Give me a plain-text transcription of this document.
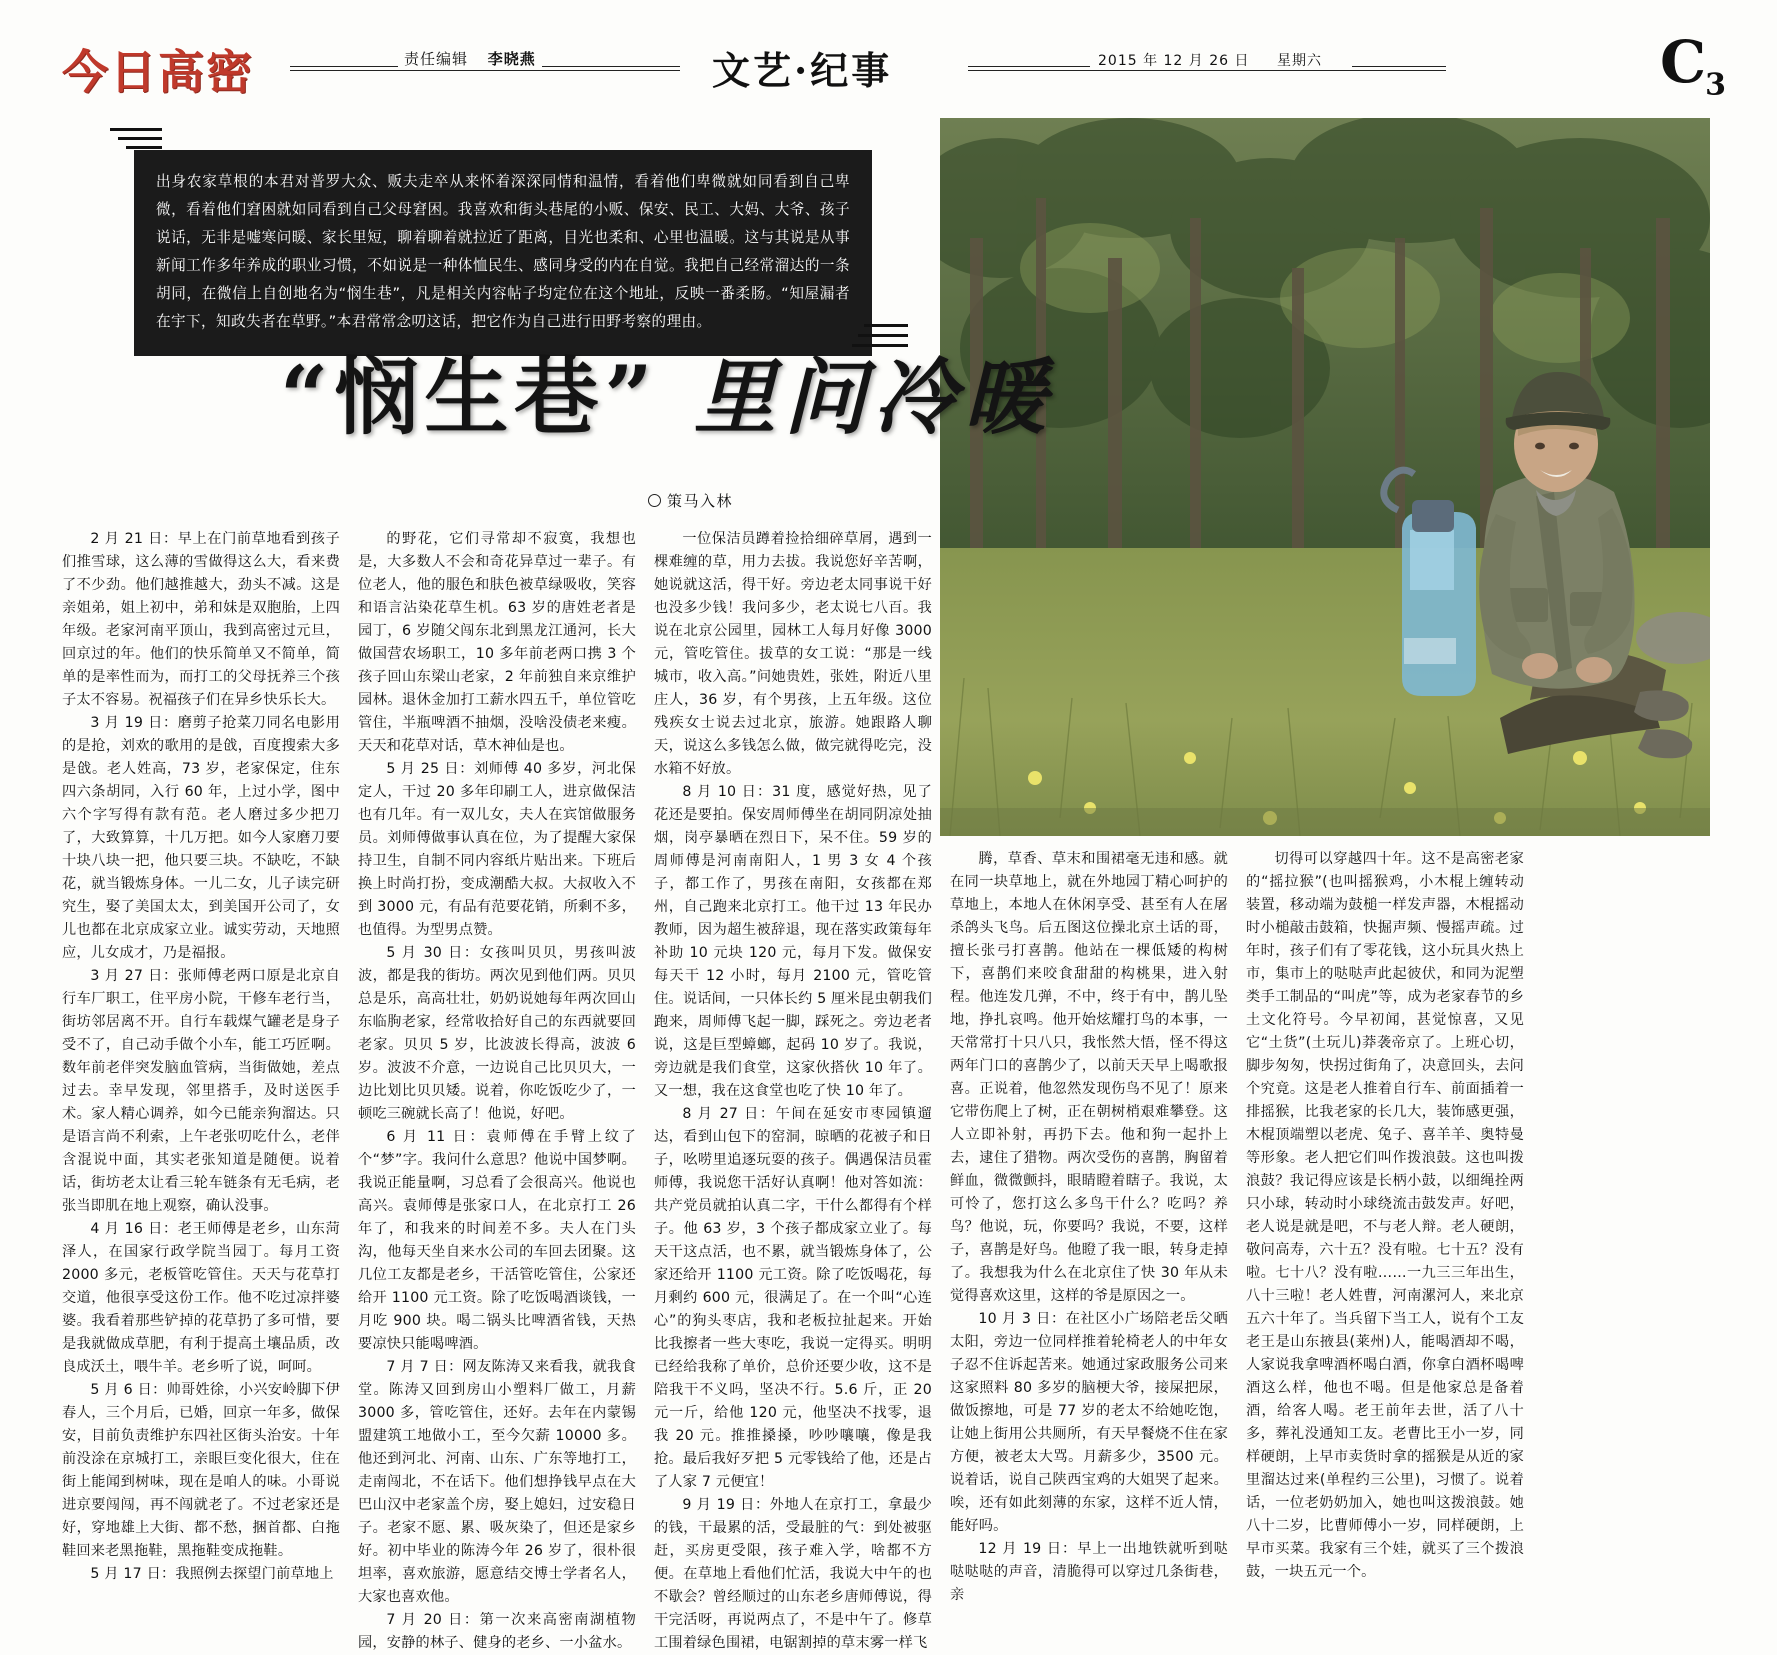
今日高密	责任编辑 李晓燕	文艺·纪事	2015 年 12 月 26 日 星期六	$C_3$
出身农家草根的本君对普罗大众、贩夫走卒从来怀着深深同情和温情，看着他们卑微就如同看到自己卑微，看着他们窘困就如同看到自己父母窘困。我喜欢和街头巷尾的小贩、保安、民工、大妈、大爷、孩子说话，无非是嘘寒问暖、家长里短，聊着聊着就拉近了距离，目光也柔和、心里也温暖。这与其说是从事新闻工作多年养成的职业习惯，不如说是一种体恤民生、感同身受的内在自觉。我把自己经常溜达的一条胡同，在微信上自创地名为“悯生巷”，凡是相关内容帖子均定位在这个地址，反映一番柔肠。“知屋漏者在宇下，知政失者在草野。”本君常常念叨这话，把它作为自己进行田野考察的理由。
“悯生巷” 里问冷暖
策马入林

2 月 21 日：早上在门前草地看到孩子们推雪球，这么薄的雪做得这么大，看来费了不少劲。他们越推越大，劲头不减。这是亲姐弟，姐上初中，弟和妹是双胞胎，上四年级。老家河南平顶山，我到高密过元旦，回京过的年。他们的快乐简单又不简单，简单的是率性而为，而打工的父母抚养三个孩子太不容易。祝福孩子们在异乡快乐长大。

3 月 19 日：磨剪子抢菜刀同名电影用的是抢，刘欢的歌用的是戗，百度搜索大多是戗。老人姓高，73 岁，老家保定，住东四六条胡同，入行 60 年，上过小学，图中六个字写得有款有范。老人磨过多少把刀了，大致算算，十几万把。如今人家磨刀要十块八块一把，他只要三块。不缺吃，不缺花，就当锻炼身体。一儿二女，儿子读完研究生，娶了美国太太，到美国开公司了，女儿也都在北京成家立业。诚实劳动，天地照应，儿女成才，乃是福报。

3 月 27 日：张师傅老两口原是北京自行车厂职工，住平房小院，干修车老行当，街坊邻居离不开。自行车载煤气罐老是身子受不了，自己动手做个小车，能工巧匠啊。数年前老伴突发脑血管病，当街做她，差点过去。幸早发现，邻里搭手，及时送医手术。家人精心调养，如今已能亲狗溜达。只是语言尚不利索，上午老张叨吃什么，老伴含混说中面，其实老张知道是随便。说着话，街坊老太让看三轮车链条有无毛病，老张当即肌在地上观察，确认没事。

4 月 16 日：老王师傅是老乡，山东菏泽人，在国家行政学院当园丁。每月工资 2000 多元，老板管吃管住。天天与花草打交道，他很享受这份工作。他不吃过凉拌婆婆。我看着那些铲掉的花草扔了多可惜，要是我就做成草肥，有利于提高土壤品质，改良成沃土，喂牛羊。老乡听了说，呵呵。

5 月 6 日：帅哥姓徐，小兴安岭脚下伊春人，三个月后，已婚，回京一年多，做保安，目前负责维护东四社区街头治安。十年前没涂在京城打工，亲眼巨变化很大，住在街上能闻到树味，现在是咱人的味。小哥说进京要闯闯，再不闯就老了。不过老家还是好，穿地雄上大街、都不愁，捆首都、白拖鞋回来老黑拖鞋，黑拖鞋变成拖鞋。

5 月 17 日：我照例去探望门前草地上

的野花，它们寻常却不寂寞，我想也是，大多数人不会和奇花异草过一辈子。有位老人，他的服色和肤色被草绿吸收，笑容和语言沾染花草生机。63 岁的唐姓老者是园丁，6 岁随父闯东北到黑龙江通河，长大做国营农场职工，10 多年前老两口携 3 个孩子回山东梁山老家，2 年前独自来京维护园林。退休金加打工薪水四五千，单位管吃管住，半瓶啤酒不抽烟，没啥没债老来瘦。天天和花草对话，草木神仙是也。

5 月 25 日：刘师傅 40 多岁，河北保定人，干过 20 多年印刷工人，进京做保洁也有几年。有一双儿女，夫人在宾馆做服务员。刘师傅做事认真在位，为了提醒大家保持卫生，自制不同内容纸片贴出来。下班后换上时尚打扮，变成潮酷大叔。大叔收入不到 3000 元，有品有范要花销，所剩不多，也值得。为型男点赞。

5 月 30 日：女孩叫贝贝，男孩叫波波，都是我的街坊。两次见到他们两。贝贝总是乐，高高壮壮，奶奶说她每年两次回山东临朐老家，经常收拾好自己的东西就要回老家。贝贝 5 岁，比波波长得高，波波 6 岁。波波不介意，一边说自己比贝贝大，一边比划比贝贝矮。说着，你吃饭吃少了，一顿吃三碗就长高了！他说，好吧。

6 月 11 日：袁师傅在手臂上纹了个“梦”字。我问什么意思？他说中国梦啊。我说正能量啊，习总看了会很高兴。他说也高兴。袁师傅是张家口人，在北京打工 26 年了，和我来的时间差不多。夫人在门头沟，他每天坐自来水公司的车回去团聚。这几位工友都是老乡，干活管吃管住，公家还给开 1100 元工资。除了吃饭喝酒谈钱，一月吃 900 块。喝二锅头比啤酒省钱，天热要凉快只能喝啤酒。

7 月 7 日：网友陈涛又来看我，就我食堂。陈涛又回到房山小塑料厂做工，月薪 3000 多，管吃管住，还好。去年在内蒙锡盟建筑工地做小工，至今欠薪 10000 多。他还到河北、河南、山东、广东等地打工，走南闯北，不在话下。他们想挣钱早点在大巴山汉中老家盖个房，娶上媳妇，过安稳日子。老家不愿、累、吸灰染了，但还是家乡好。初中毕业的陈涛今年 26 岁了，很朴很坦率，喜欢旅游，愿意结交博士学者名人，大家也喜欢他。

7 月 20 日：第一次来高密南湖植物园，安静的林子、健身的老乡、一小盆水。

一位保洁员蹲着捡拾细碎草屑，遇到一棵难缠的草，用力去拔。我说您好辛苦啊，她说就这活，得干好。旁边老太同事说干好也没多少钱！我问多少，老太说七八百。我说在北京公园里，园林工人每月好像 3000 元，管吃管住。拔草的女工说：“那是一线城市，收入高。”问她贵姓，张姓，附近八里庄人，36 岁，有个男孩，上五年级。这位残疾女士说去过北京，旅游。她跟路人聊天，说这么多钱怎么做，做完就得吃完，没水箱不好放。

8 月 10 日：31 度，感觉好热，见了花还是要拍。保安周师傅坐在胡同阴凉处抽烟，岗亭暴晒在烈日下，呆不住。59 岁的周师傅是河南南阳人，1 男 3 女 4 个孩子，都工作了，男孩在南阳，女孩都在郑州，自己跑来北京打工。他干过 13 年民办教师，因为超生被辞退，现在落实政策每年补助 10 元块 120 元，每月下发。做保安每天干 12 小时，每月 2100 元，管吃管住。说话间，一只体长约 5 厘米昆虫朝我们跑来，周师傅飞起一脚，踩死之。旁边老者说，这是巨型蟑螂，起码 10 岁了。我说，旁边就是我们食堂，这家伙搭伙 10 年了。又一想，我在这食堂也吃了快 10 年了。

8 月 27 日：午间在延安市枣园镇遛达，看到山包下的窑洞，晾晒的花被子和日子，吆唠里追逐玩耍的孩子。偶遇保洁员霍师傅，我说您干活好认真啊！他对答如流：共产党员就拍认真二字，干什么都得有个样子。他 63 岁，3 个孩子都成家立业了。每天干这点活，也不累，就当锻炼身体了，公家还给开 1100 元工资。除了吃饭喝花，每月剩约 600 元，很满足了。在一个叫“心连心”的狗头枣店，我和老板拉扯起来。开始比我擦者一些大枣吃，我说一定得买。明明已经给我称了单价，总价还要少收，这不是陪我干不义吗，坚决不行。5.6 斤，正 20 元一斤，给他 120 元，他坚决不找零，退我 20 元。推推搡搡，吵吵嚷嚷，像是我抢。最后我好歹把 5 元零钱给了他，还是占了人家 7 元便宜！

9 月 19 日：外地人在京打工，拿最少的钱，干最累的活，受最脏的气：到处被驱赶，买房更受限，孩子难入学，啥都不方便。在草地上看他们忙活，我说大中午的也不歇会？曾经顺过的山东老乡唐师傅说，得干完活呀，再说两点了，不是中午了。修草工围着绿色围裙，电锯割掉的草末雾一样飞

腾，草香、草末和围裙毫无违和感。就在同一块草地上，就在外地园丁精心呵护的草地上，本地人在休闲享受、甚至有人在屠杀鸽头飞鸟。后五图这位操北京土话的哥，擅长张弓打喜鹊。他站在一棵低矮的构树下，喜鹊们来咬食甜甜的构桃果，进入射程。他连发几弹，不中，终于有中，鹊儿坠地，挣扎哀鸣。他开始炫耀打鸟的本事，一天常常打十只八只，我怅然大悟，怪不得这两年门口的喜鹊少了，以前天天早上喝歌报喜。正说着，他忽然发现伤鸟不见了！原来它带伤爬上了树，正在朝树梢艰难攀登。这人立即补射，再扔下去。他和狗一起扑上去，逮住了猎物。两次受伤的喜鹊，胸留着鲜血，微微颤抖，眼睛瞪着瞎子。我说，太可怜了，您打这么多鸟干什么？吃吗？养鸟？他说，玩，你要吗？我说，不要，这样子，喜鹊是好鸟。他瞪了我一眼，转身走掉了。我想我为什么在北京住了快 30 年从未觉得喜欢这里，这样的爷是原因之一。

10 月 3 日：在社区小广场陪老岳父晒太阳，旁边一位同样推着轮椅老人的中年女子忍不住诉起苦来。她通过家政服务公司来这家照料 80 多岁的脑梗大爷，接屎把尿，做饭擦地，可是 77 岁的老太不给她吃饱，让她上街用公共厕所，有天早餐烧不住在家方便，被老太大骂。月薪多少，3500 元。说着话，说自己陕西宝鸡的大姐哭了起来。唉，还有如此刻薄的东家，这样不近人情，能好吗。

12 月 19 日：早上一出地铁就听到哒哒哒哒的声音，清脆得可以穿过几条街巷，亲

切得可以穿越四十年。这不是高密老家的“摇拉猴”(也叫摇猴鸡，小木棍上缠转动装置，移动端为鼓槌一样发声器，木棍摇动时小槌敲击鼓箱，快掘声频、慢摇声疏。过年时，孩子们有了零花钱，这小玩具火热上市，集市上的哒哒声此起彼伏，和同为泥塑类手工制品的“叫虎”等，成为老家春节的乡土文化符号。今早初闻，甚觉惊喜，又见它“土货”(土玩儿)莽袭帝京了。上班心切，脚步匆匆，快拐过街角了，决意回头，去问个究竟。这是老人推着自行车、前面插着一排摇猴，比我老家的长几大，装饰感更强，木棍顶端塑以老虎、兔子、喜羊羊、奥特曼等形象。老人把它们叫作拨浪鼓。这也叫拨浪鼓？我记得应该是长柄小鼓，以细绳拴两只小球，转动时小球绕流击鼓发声。好吧，老人说是就是吧，不与老人辩。老人硬朗，敬问高寿，六十五？没有啦。七十五？没有啦。七十八？没有啦……一九三三年出生，八十三啦！老人姓曹，河南漯河人，来北京五六十年了。当兵留下当工人，说有个工友老王是山东掖县(莱州)人，能喝酒却不喝，人家说我拿啤酒杯喝白酒，你拿白酒杯喝啤酒这么样，他也不喝。但是他家总是备着酒，给客人喝。老王前年去世，活了八十多，葬礼没通知工友。老曹比王小一岁，同样硬朗，上早市卖货时拿的摇猴是从近的家里溜达过来(单程约三公里)，习惯了。说着话，一位老奶奶加入，她也叫这拨浪鼓。她八十二岁，比曹师傅小一岁，同样硬朗，上早市买菜。我家有三个娃，就买了三个拨浪鼓，一块五元一个。
